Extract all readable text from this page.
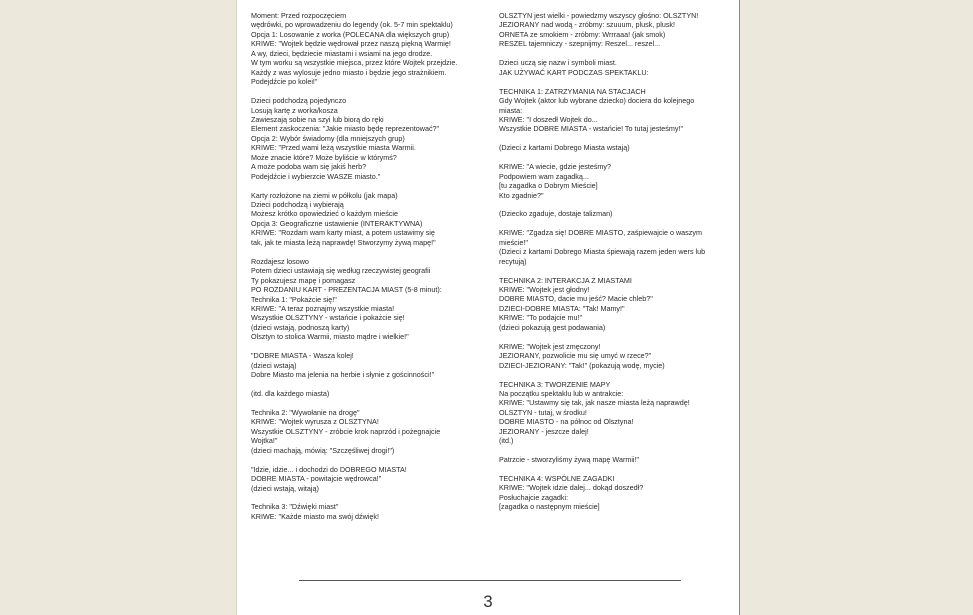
Moment: Przed rozpoczęciem
wędrówki, po wprowadzeniu do legendy (ok. 5-7 min spektaklu)
Opcja 1: Losowanie z worka (POLECANA dla większych grup)
KRIWE: "Wojtek będzie wędrował przez naszą piękną Warmię!
A wy, dzieci, będziecie miastami i wsiami na jego drodze.
W tym worku są wszystkie miejsca, przez które Wojtek przejdzie.
Każdy z was wylosuje jedno miasto i będzie jego strażnikiem.
Podejdźcie po kolei!"
Dzieci podchodzą pojedynczo
Losują kartę z worka/kosza
Zawieszają sobie na szyi lub biorą do ręki
Element zaskoczenia: "Jakie miasto będę reprezentować?"
Opcja 2: Wybór świadomy (dla mniejszych grup)
KRIWE: "Przed wami leżą wszystkie miasta Warmii.
Może znacie które? Może byliście w którymś?
A może podoba wam się jakiś herb?
Podejdźcie i wybierzcie WASZE miasto."
Karty rozłożone na ziemi w półkolu (jak mapa)
Dzieci podchodzą i wybierają
Możesz krótko opowiedzieć o każdym mieście
Opcja 3: Geograficzne ustawienie (INTERAKTYWNA)
KRIWE: "Rozdam wam karty miast, a potem ustawimy się
tak, jak te miasta leżą naprawdę! Stworzymy żywą mapę!"
Rozdajesz losowo
Potem dzieci ustawiają się według rzeczywistej geografii
Ty pokazujesz mapę i pomagasz
PO ROZDANIU KART - PREZENTACJA MIAST (5-8 minut):
Technika 1: "Pokażcie się!"
KRIWE: "A teraz poznajmy wszystkie miasta!
Wszystkie OLSZTYNY - wstańcie i pokażcie się!
(dzieci wstają, podnoszą karty)
Olsztyn to stolica Warmii, miasto mądre i wielkie!"
"DOBRE MIASTA - Wasza kolej!
(dzieci wstają)
Dobre Miasto ma jelenia na herbie i słynie z gościnności!"
(itd. dla każdego miasta)
Technika 2: "Wywołanie na drogę"
KRIWE: "Wojtek wyrusza z OLSZTYNA!
Wszystkie OLSZTYNY - zróbcie krok naprzód i pożegnajcie
Wojtka!"
(dzieci machają, mówią: "Szczęśliwej drogi!")
"Idzie, idzie... i dochodzi do DOBREGO MIASTA!
DOBRE MIASTA - powitajcie wędrowca!"
(dzieci wstają, witają)
Technika 3: "Dźwięki miast"
KRIWE: "Każde miasto ma swój dźwięk!
OLSZTYN jest wielki - powiedzmy wszyscy głośno: OLSZTYN!
JEZIORANY nad wodą - zróbmy: szuuum, plusk, plusk!
ORNETA ze smokiem - zróbmy: Wrrraaa! (jak smok)
RESZEL tajemniczy - szepnijmy: Reszel... reszel...
Dzieci uczą się nazw i symboli miast.
JAK UŻYWAĆ KART PODCZAS SPEKTAKLU:
TECHNIKA 1: ZATRZYMANIA NA STACJACH
Gdy Wojtek (aktor lub wybrane dziecko) dociera do kolejnego
miasta:
KRIWE: "I doszedł Wojtek do...
Wszystkie DOBRE MIASTA - wstańcie! To tutaj jesteśmy!"
(Dzieci z kartami Dobrego Miasta wstają)
KRIWE: "A wiecie, gdzie jesteśmy?
Podpowiem wam zagadką...
[tu zagadka o Dobrym Mieście]
Kto zgadnie?"
(Dziecko zgaduje, dostaje talizman)
KRIWE: "Zgadza się! DOBRE MIASTO, zaśpiewajcie o waszym
mieście!"
(Dzieci z kartami Dobrego Miasta śpiewają razem jeden wers lub
recytują)
TECHNIKA 2: INTERAKCJA Z MIASTAMI
KRIWE: "Wojtek jest głodny!
DOBRE MIASTO, dacie mu jeść? Macie chleb?"
DZIECI-DOBRE MIASTA: "Tak! Mamy!"
KRIWE: "To podajcie mu!"
(dzieci pokazują gest podawania)
KRIWE: "Wojtek jest zmęczony!
JEZIORANY, pozwolicie mu się umyć w rzece?"
DZIECI-JEZIORANY: "Tak!" (pokazują wodę, mycie)
TECHNIKA 3: TWORZENIE MAPY
Na początku spektaklu lub w antrakcie:
KRIWE: "Ustawmy się tak, jak nasze miasta leżą naprawdę!
OLSZTYN - tutaj, w środku!
DOBRE MIASTO - na północ od Olsztyna!
JEZIORANY - jeszcze dalej!
(itd.)
Patrzcie - stworzyliśmy żywą mapę Warmii!"
TECHNIKA 4: WSPÓLNE ZAGADKI
KRIWE: "Wojtek idzie dalej... dokąd doszedł?
Posłuchajcie zagadki:
[zagadka o następnym mieście]
3
